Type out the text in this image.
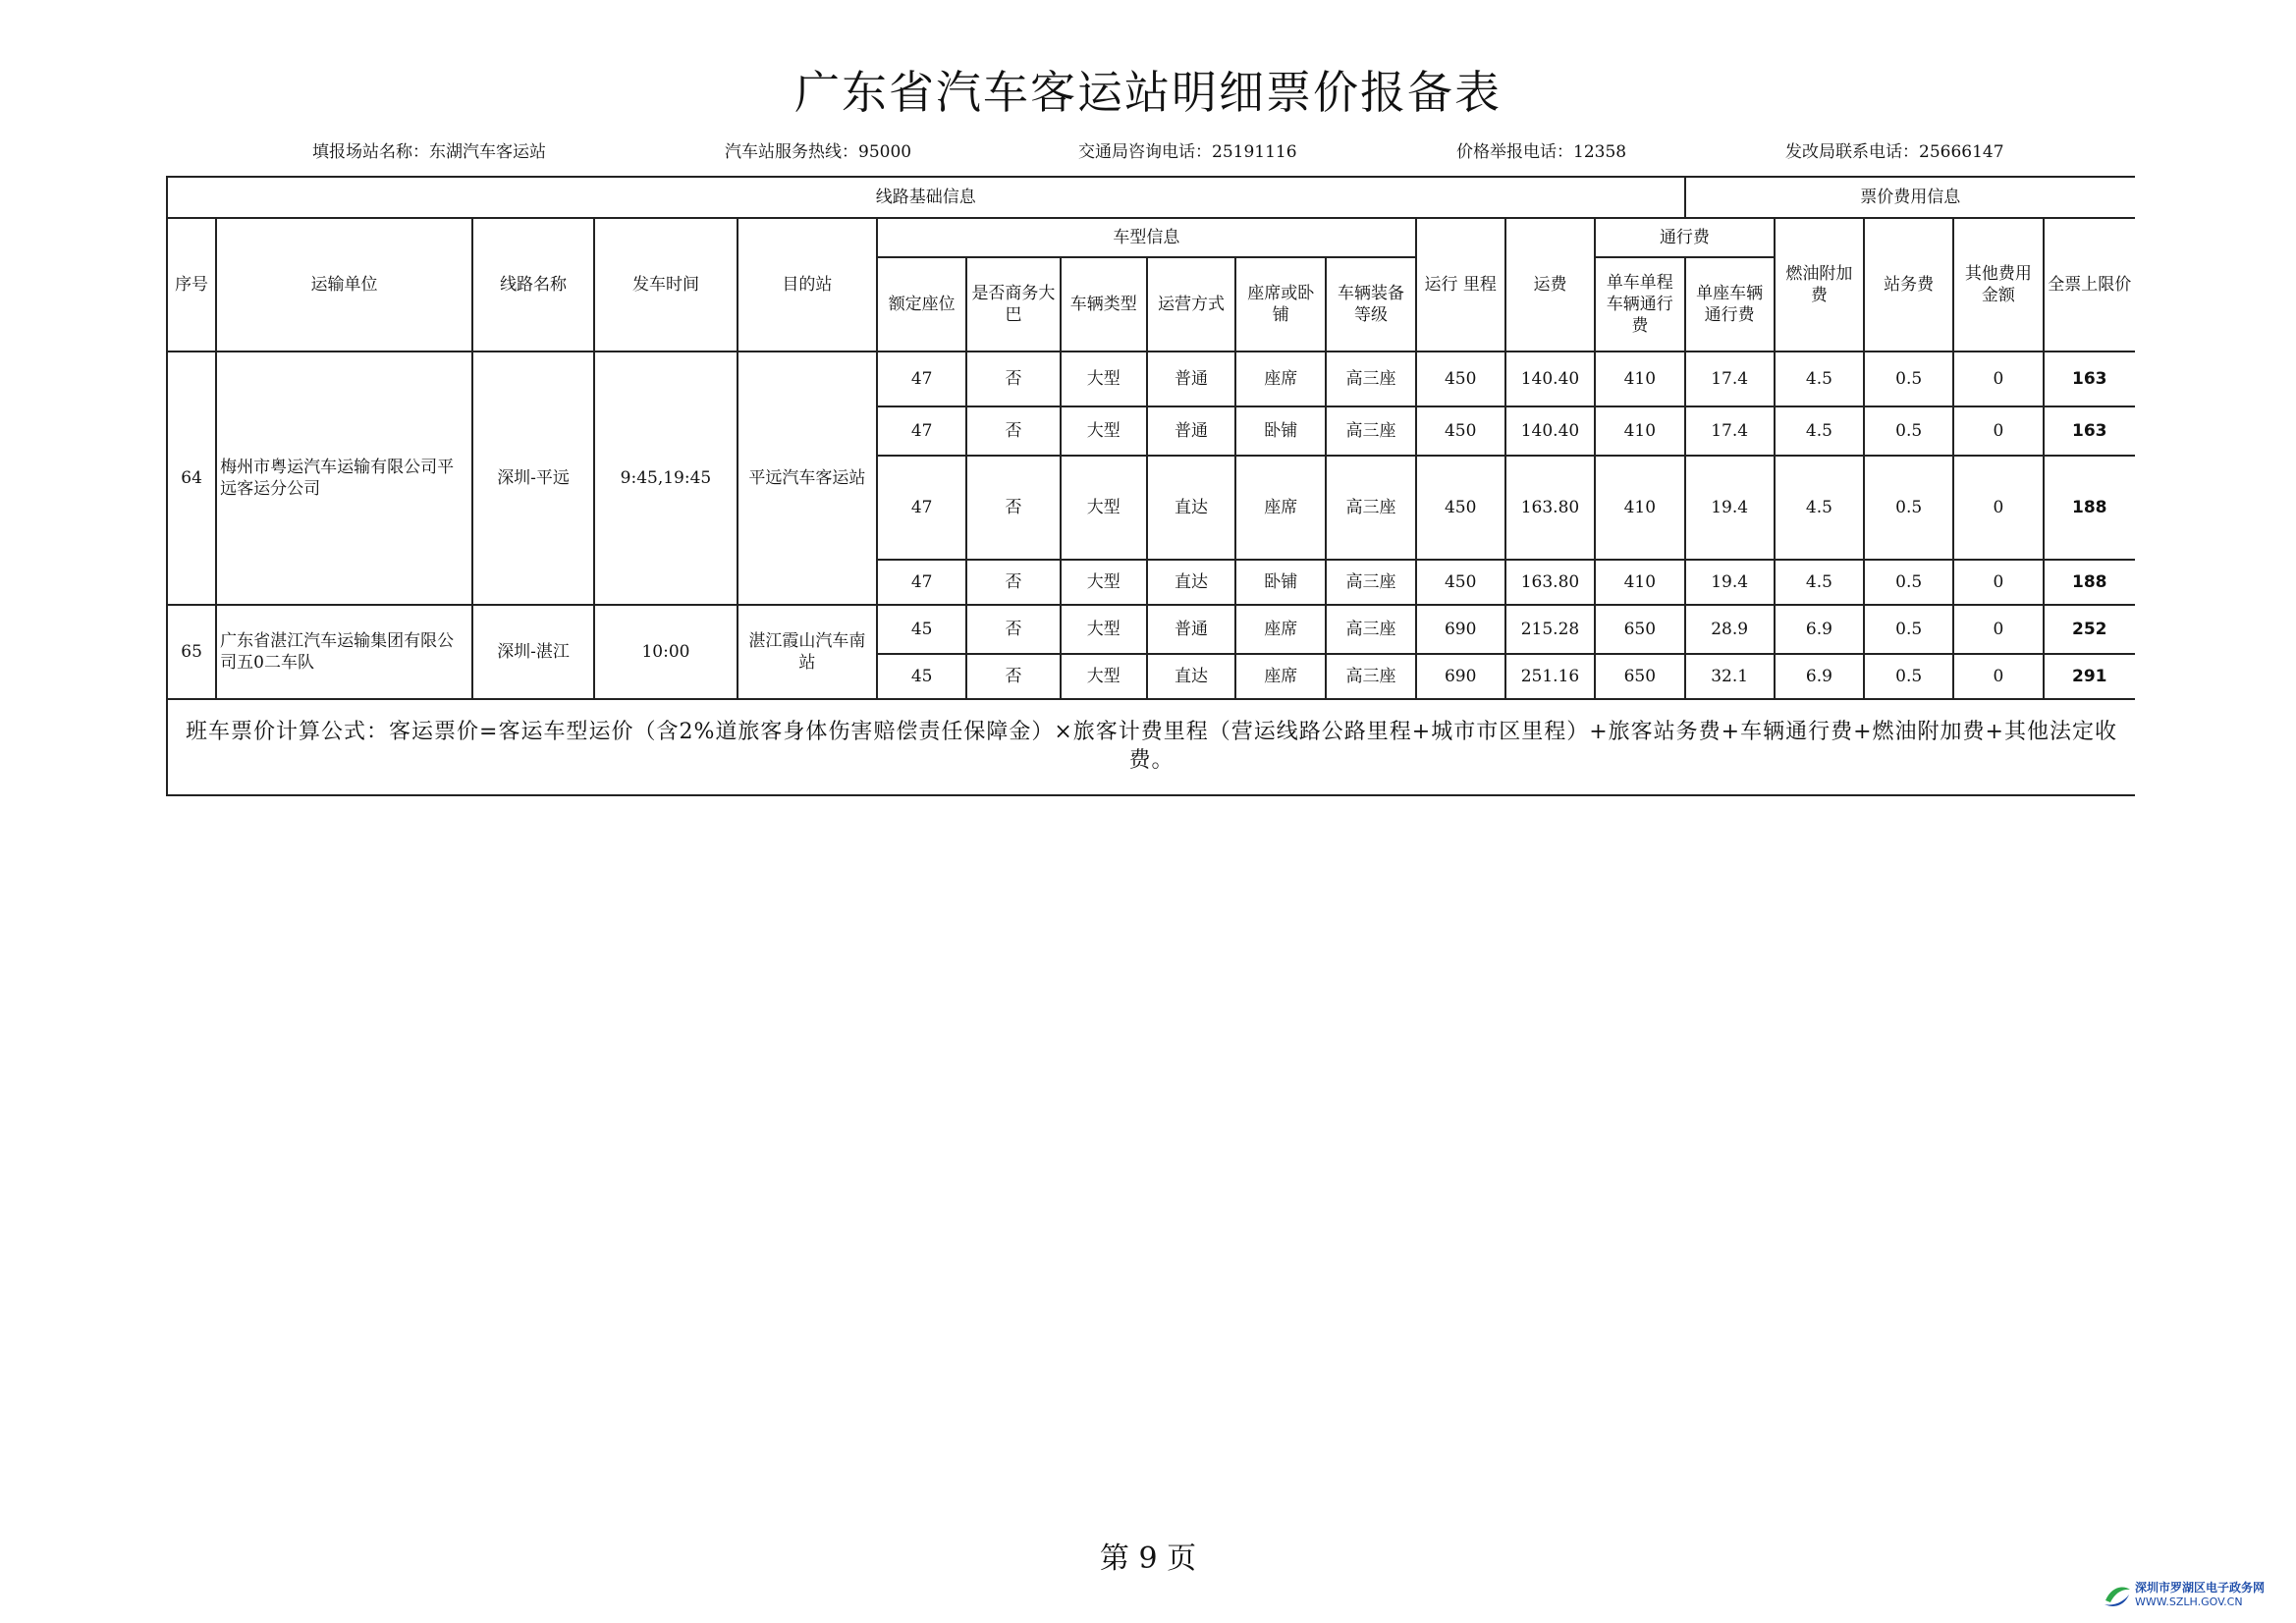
广东省汽车客运站明细票价报备表
填报场站名称：东湖汽车客运站	汽车站服务热线：95000	交通局咨询电话：25191116	价格举报电话：12358	发改局联系电话：25666147
线路基础信息														票价费用信息				
序号	运输单位	线路名称	发车时间	目的站	车型信息						运行 里程	运费	通行费		燃油附加费	站务费	其他费用金额	全票上限价
					额定座位	是否商务大巴	车辆类型	运营方式	座席或卧铺	车辆装备等级			单车单程车辆通行费	单座车辆通行费				
64	梅州市粤运汽车运输有限公司平远客运分公司	深圳-平远	9:45,19:45	平远汽车客运站	47	否	大型	普通	座席	高三座	450	140.40	410	17.4	4.5	0.5	0	163
					47	否	大型	普通	卧铺	高三座	450	140.40	410	17.4	4.5	0.5	0	163
					47	否	大型	直达	座席	高三座	450	163.80	410	19.4	4.5	0.5	0	188
					47	否	大型	直达	卧铺	高三座	450	163.80	410	19.4	4.5	0.5	0	188
65	广东省湛江汽车运输集团有限公司五0二车队	深圳-湛江	10:00	湛江霞山汽车南站	45	否	大型	普通	座席	高三座	690	215.28	650	28.9	6.9	0.5	0	252
					45	否	大型	直达	座席	高三座	690	251.16	650	32.1	6.9	0.5	0	291
班车票价计算公式：客运票价=客运车型运价（含2%道旅客身体伤害赔偿责任保障金）×旅客计费里程（营运线路公路里程+城市市区里程）+旅客站务费+车辆通行费+燃油附加费+其他法定收费。																		
第 9 页
深圳市罗湖区电子政务网
WWW.SZLH.GOV.CN
